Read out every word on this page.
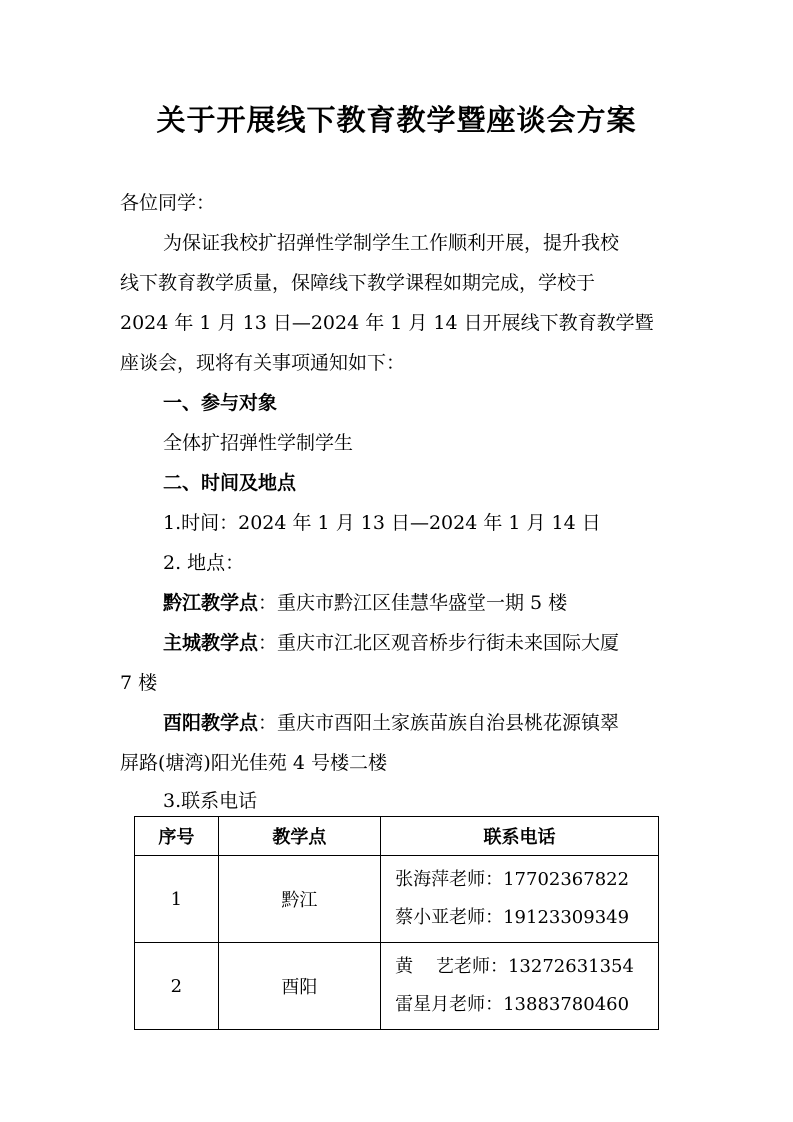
关于开展线下教育教学暨座谈会方案
各位同学：
为保证我校扩招弹性学制学生工作顺利开展，提升我校
线下教育教学质量，保障线下教学课程如期完成，学校于
2024 年 1 月 13 日—2024 年 1 月 14 日开展线下教育教学暨
座谈会，现将有关事项通知如下：
一、参与对象
全体扩招弹性学制学生
二、时间及地点
1.时间：2024 年 1 月 13 日—2024 年 1 月 14 日
2. 地点：
黔江教学点：重庆市黔江区佳慧华盛堂一期 5 楼
主城教学点：重庆市江北区观音桥步行街未来国际大厦
7 楼
酉阳教学点：重庆市酉阳土家族苗族自治县桃花源镇翠
屏路(塘湾)阳光佳苑 4 号楼二楼
3.联系电话
序号	教学点	联系电话
1	黔江	张海萍老师：17702367822
蔡小亚老师：19123309349

2	酉阳	黄    艺老师：13272631354
雷星月老师：13883780460
